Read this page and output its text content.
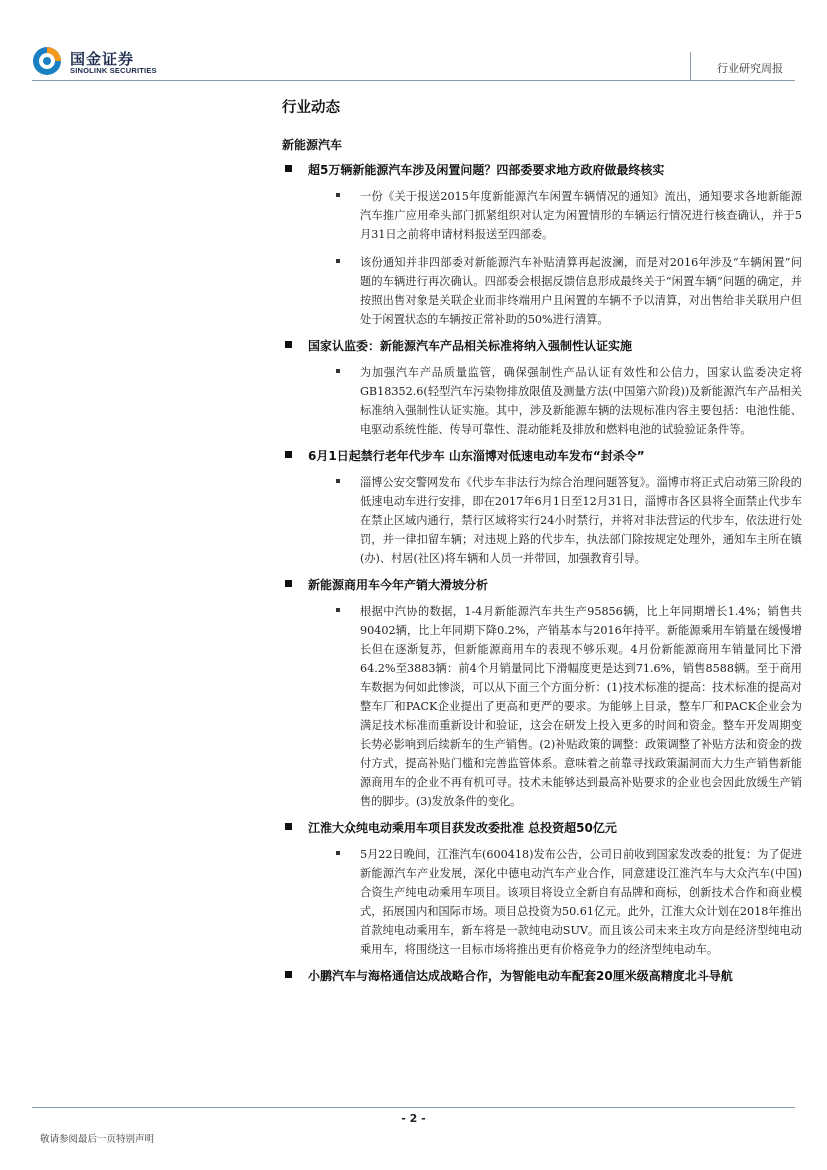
国金证券
SINOLINK SECURITIES	行业研究周报
行业动态
新能源汽车
超5万辆新能源汽车涉及闲置问题？四部委要求地方政府做最终核实
一份《关于报送2015年度新能源汽车闲置车辆情况的通知》流出，通知要求各地新能源汽车推广应用牵头部门抓紧组织对认定为闲置情形的车辆运行情况进行核查确认，并于5月31日之前将申请材料报送至四部委。
该份通知并非四部委对新能源汽车补贴清算再起波澜，而是对2016年涉及“车辆闲置”问题的车辆进行再次确认。四部委会根据反馈信息形成最终关于“闲置车辆”问题的确定，并按照出售对象是关联企业而非终端用户且闲置的车辆不予以清算，对出售给非关联用户但处于闲置状态的车辆按正常补助的50%进行清算。
国家认监委：新能源汽车产品相关标准将纳入强制性认证实施
为加强汽车产品质量监管，确保强制性产品认证有效性和公信力，国家认监委决定将GB18352.6(轻型汽车污染物排放限值及测量方法(中国第六阶段))及新能源汽车产品相关标准纳入强制性认证实施。其中，涉及新能源车辆的法规标准内容主要包括：电池性能、电驱动系统性能、传导可靠性、混动能耗及排放和燃料电池的试验验证条件等。
6月1日起禁行老年代步车 山东淄博对低速电动车发布“封杀令”
淄博公安交警网发布《代步车非法行为综合治理问题答复》。淄博市将正式启动第三阶段的低速电动车进行安排，即在2017年6月1日至12月31日，淄博市各区县将全面禁止代步车在禁止区域内通行，禁行区域将实行24小时禁行，并将对非法营运的代步车，依法进行处罚，并一律扣留车辆；对违规上路的代步车，执法部门除按规定处理外，通知车主所在镇(办)、村居(社区)将车辆和人员一并带回，加强教育引导。
新能源商用车今年产销大滑坡分析
根据中汽协的数据，1-4月新能源汽车共生产95856辆，比上年同期增长1.4%；销售共90402辆，比上年同期下降0.2%，产销基本与2016年持平。新能源乘用车销量在缓慢增长但在逐渐复苏，但新能源商用车的表现不够乐观。4月份新能源商用车销量同比下滑64.2%至3883辆：前4个月销量同比下滑幅度更是达到71.6%，销售8588辆。至于商用车数据为何如此惨淡，可以从下面三个方面分析：(1)技术标准的提高：技术标准的提高对整车厂和PACK企业提出了更高和更严的要求。为能够上目录，整车厂和PACK企业会为满足技术标准而重新设计和验证，这会在研发上投入更多的时间和资金。整车开发周期变长势必影响到后续新车的生产销售。(2)补贴政策的调整：政策调整了补贴方法和资金的拨付方式，提高补贴门槛和完善监管体系。意味着之前靠寻找政策漏洞而大力生产销售新能源商用车的企业不再有机可寻。技术未能够达到最高补贴要求的企业也会因此放缓生产销售的脚步。(3)发放条件的变化。
江淮大众纯电动乘用车项目获发改委批准 总投资超50亿元
5月22日晚间，江淮汽车(600418)发布公告，公司日前收到国家发改委的批复：为了促进新能源汽车产业发展，深化中德电动汽车产业合作，同意建设江淮汽车与大众汽车(中国)合资生产纯电动乘用车项目。该项目将设立全新自有品牌和商标，创新技术合作和商业模式，拓展国内和国际市场。项目总投资为50.61亿元。此外，江淮大众计划在2018年推出首款纯电动乘用车，新车将是一款纯电动SUV。而且该公司未来主攻方向是经济型纯电动乘用车，将围绕这一目标市场将推出更有价格竞争力的经济型纯电动车。
小鹏汽车与海格通信达成战略合作，为智能电动车配套20厘米级高精度北斗导航
- 2 -
敬请参阅最后一页特别声明
